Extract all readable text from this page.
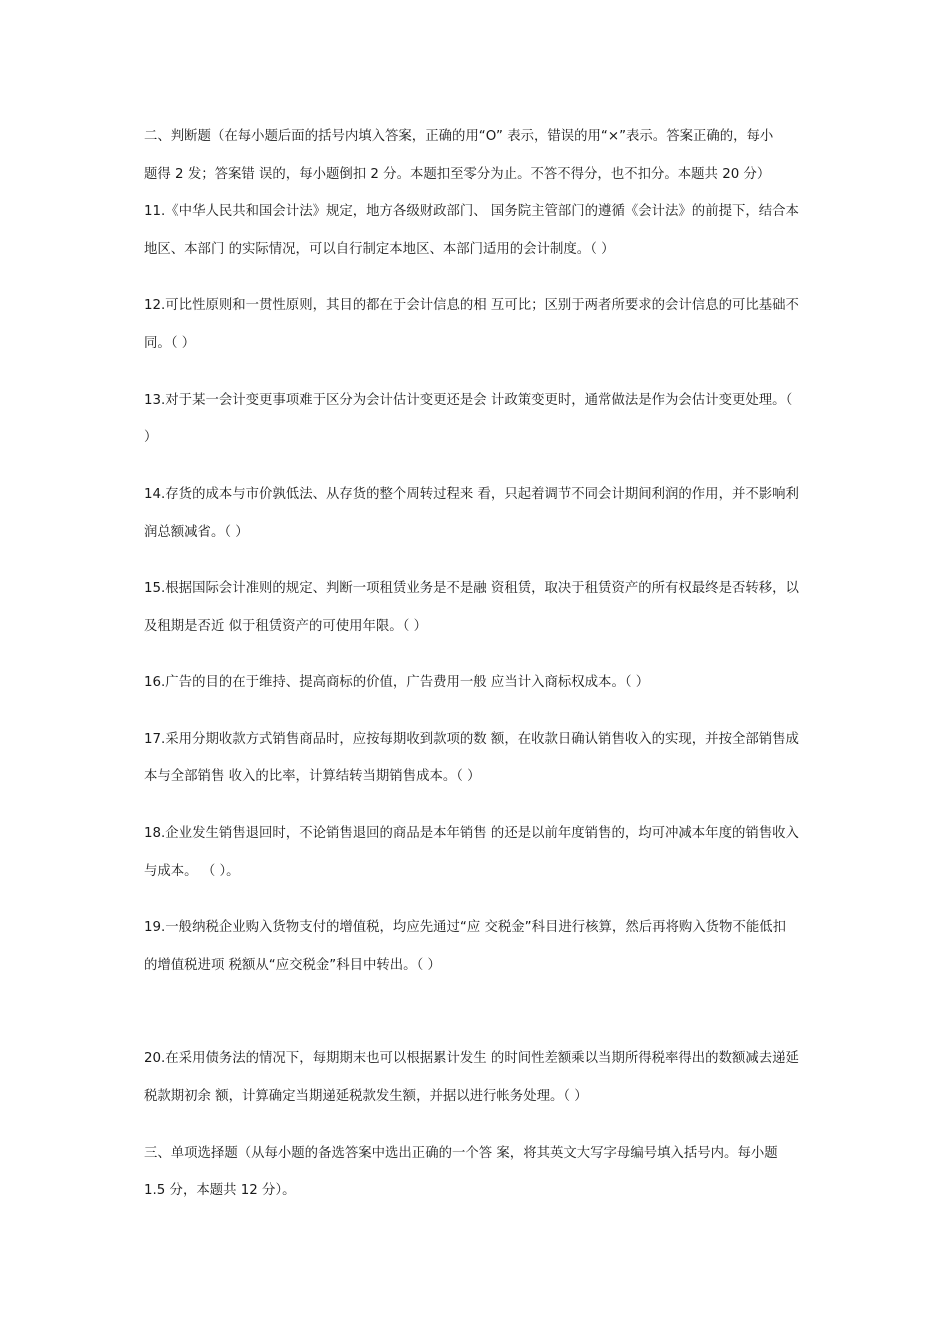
二、判断题（在每小题后面的括号内填入答案，正确的用“O” 表示，错误的用“×”表示。答案正确的，每小
题得 2 发；答案错 误的，每小题倒扣 2 分。本题扣至零分为止。不答不得分，也不扣分。本题共 20 分）
11.《中华人民共和国会计法》规定，地方各级财政部门、 国务院主管部门的遵循《会计法》的前提下，结合本
地区、本部门 的实际情况，可以自行制定本地区、本部门适用的会计制度。（ ）
12.可比性原则和一贯性原则，其目的都在于会计信息的相 互可比；区别于两者所要求的会计信息的可比基础不
同。（ ）
13.对于某一会计变更事项难于区分为会计估计变更还是会 计政策变更时，通常做法是作为会估计变更处理。（
）
14.存货的成本与市价孰低法、从存货的整个周转过程来 看，只起着调节不同会计期间利润的作用，并不影响利
润总额减省。（ ）
15.根据国际会计准则的规定、判断一项租赁业务是不是融 资租赁，取决于租赁资产的所有权最终是否转移，以
及租期是否近 似于租赁资产的可使用年限。（ ）
16.广告的目的在于维持、提高商标的价值，广告费用一般 应当计入商标权成本。（ ）
17.采用分期收款方式销售商品时，应按每期收到款项的数 额，在收款日确认销售收入的实现，并按全部销售成
本与全部销售 收入的比率，计算结转当期销售成本。（ ）
18.企业发生销售退回时，不论销售退回的商品是本年销售 的还是以前年度销售的，均可冲减本年度的销售收入
与成本。 （ ）。
19.一般纳税企业购入货物支付的增值税，均应先通过“应 交税金”科目进行核算，然后再将购入货物不能低扣
的增值税进项 税额从“应交税金”科目中转出。（ ）
20.在采用债务法的情况下，每期期末也可以根据累计发生 的时间性差额乘以当期所得税率得出的数额减去递延
税款期初余 额，计算确定当期递延税款发生额，并据以进行帐务处理。（ ）
三、单项选择题（从每小题的备选答案中选出正确的一个答 案，将其英文大写字母编号填入括号内。每小题
1.5 分，本题共 12 分）。
